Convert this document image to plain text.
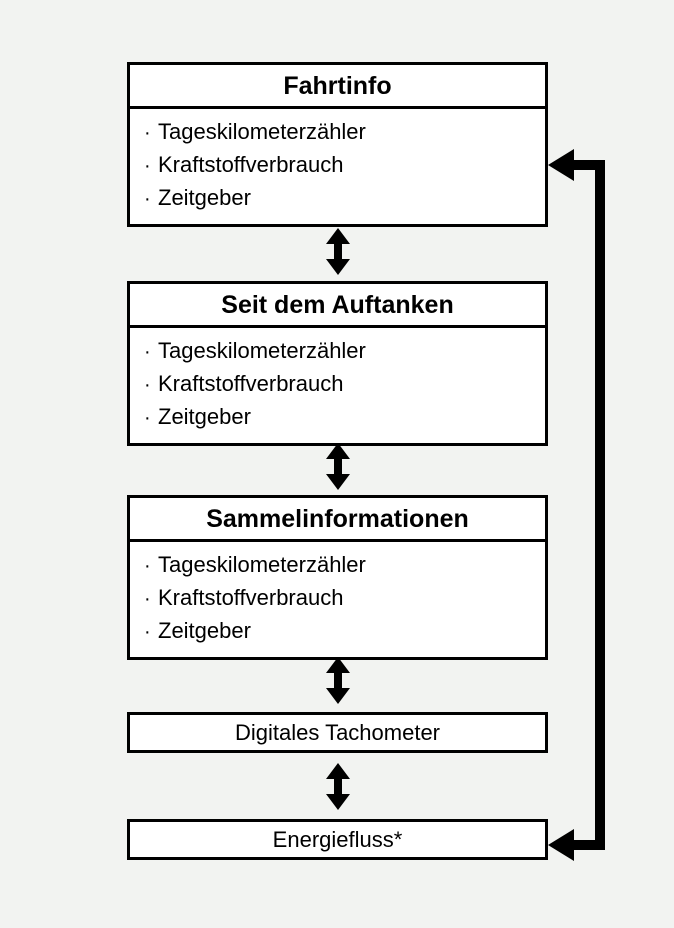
Fahrtinfo
· Tageskilometerzähler
· Kraftstoffverbrauch
· Zeitgeber
Seit dem Auftanken
· Tageskilometerzähler
· Kraftstoffverbrauch
· Zeitgeber
Sammelinformationen
· Tageskilometerzähler
· Kraftstoffverbrauch
· Zeitgeber
Digitales Tachometer
Energiefluss*
